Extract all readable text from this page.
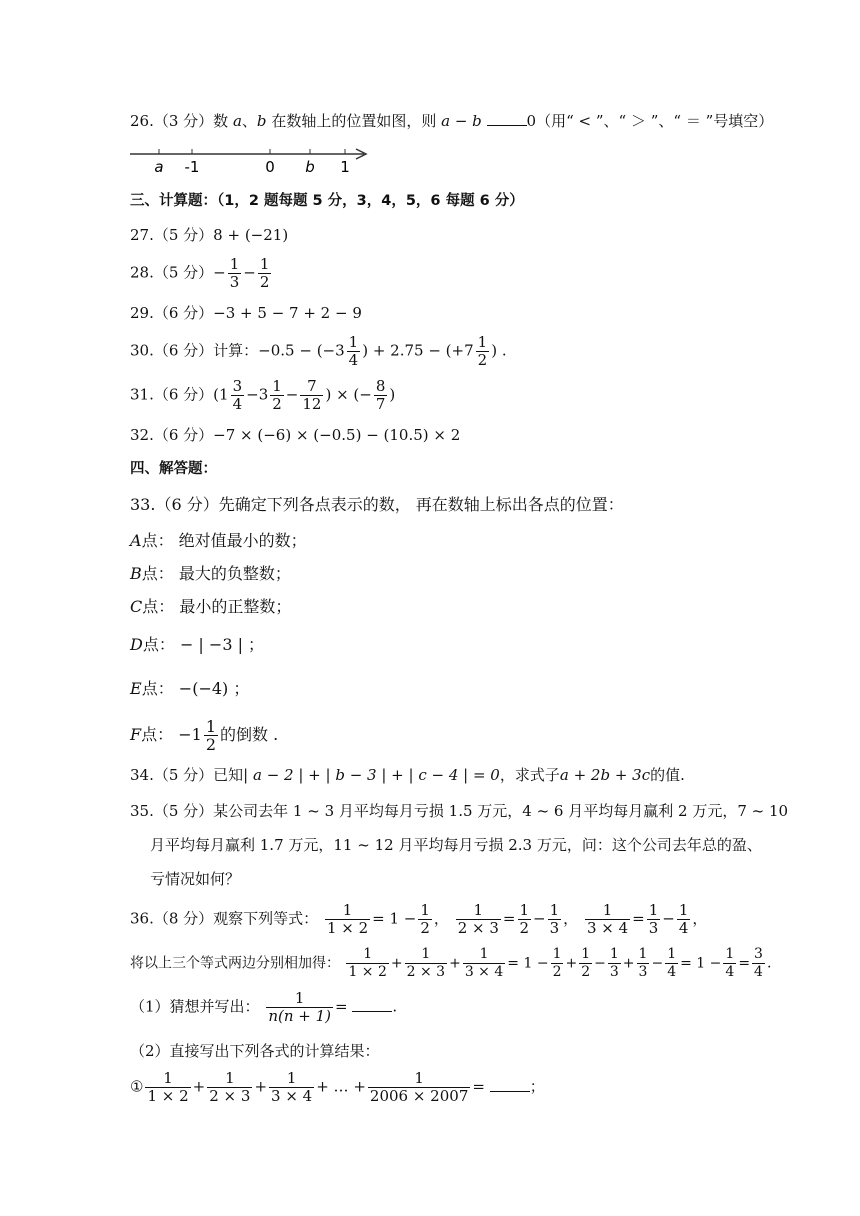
26.（3 分）数 a、b 在数轴上的位置如图，则 a − b	0（用“ < ”、“ ＞ ”、“ ＝ ”号填空）
a -1	0 b 1
三、计算题：（1，2 题每题 5 分，3，4，5，6 每题 6 分）
27.（5 分）8 + (−21)
28.（5 分）− $\frac{1}{3} - \frac{1}{2}$
29.（6 分）−3 + 5 − 7 + 2 − 9
30.（6 分）计算：$-0.5 - (-3 \frac{1}{4}$ ) + $2.75 - (+7 \frac{1}{2}$ ) .
31.（6 分）($1 \frac{3}{4} -3 \frac{1}{2} - \frac{7}{12}$ ) × (− $\frac{8}{7}$ )
32.（6 分）−7 × (−6) × (−0.5) − (10.5) × 2
四、解答题：
33.（6 分）先确定下列各点表示的数， 再在数轴上标出各点的位置：
A点： 绝对值最小的数；
B点： 最大的负整数；
C点： 最小的正整数；
D点： − | −3 | ；
E点： −(−4) ；
F点： $-1 \frac{1}{2}$ 的倒数 .
34.（5 分）已知| a − 2 | + | b − 3 | + | c − 4 | = 0，求式子a + 2b + 3c的值.
35.（5 分）某公司去年 1 ~ 3 月平均每月亏损 1.5 万元，4 ~ 6 月平均每月赢利 2 万元，7 ~ 10
月平均每月赢利 1.7 万元，11 ~ 12 月平均每月亏损 2.3 万元，问：这个公司去年总的盈、
亏情况如何？
36.（8 分）观察下列等式： $\frac{1}{1 \times 2} = 1 - \frac{1}{2}$ ， $\frac{1}{2 \times 3} = \frac{1}{2} - \frac{1}{3}$ ， $\frac{1}{3 \times 4} = \frac{1}{3} - \frac{1}{4}$ ，
将以上三个等式两边分别相加得： $\frac{1}{1 \times 2} + \frac{1}{2 \times 3} + \frac{1}{3 \times 4} = 1 - \frac{1}{2} + \frac{1}{2} - \frac{1}{3} + \frac{1}{3} - \frac{1}{4} = 1 - \frac{1}{4} = \frac{3}{4}$ .
（1）猜想并写出： $\frac{1}{n(n + 1)}$ =	.
（2）直接写出下列各式的计算结果：
① $\frac{1}{1 \times 2} + \frac{1}{2 \times 3} + \frac{1}{3 \times 4}$ + … + $\frac{1}{2006 \times 2007}$ =	；
